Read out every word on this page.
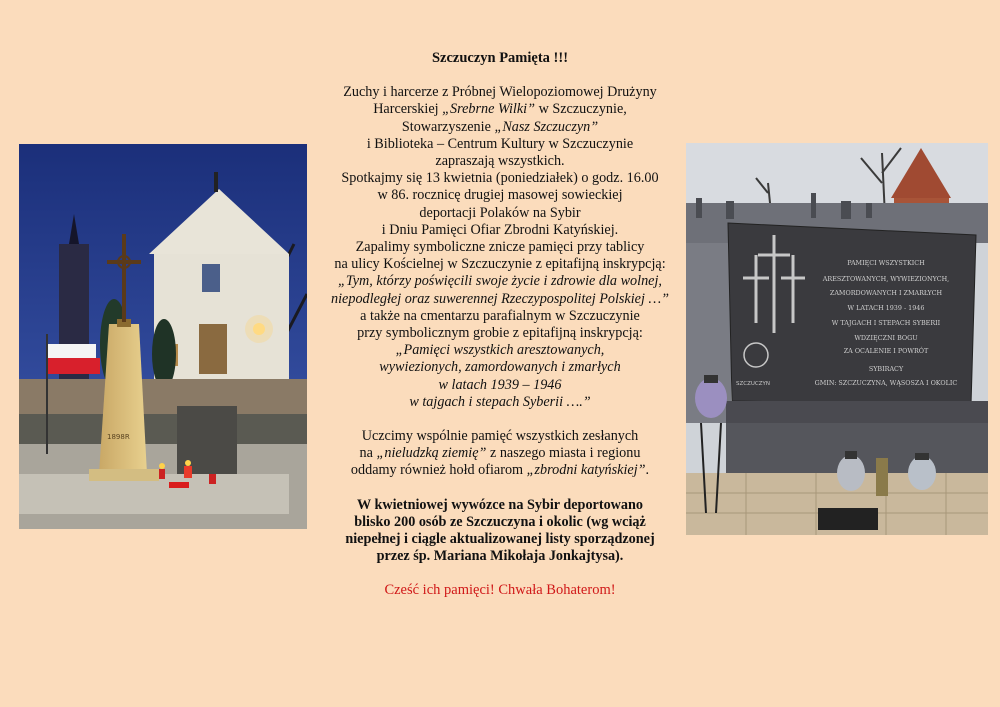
1898R
SZCZUCZYN
PAMIĘCI WSZYSTKICH
ARESZTOWANYCH, WYWIEZIONYCH,
ZAMORDOWANYCH I ZMARŁYCH
W LATACH 1939 - 1946
W TAJGACH I STEPACH SYBERII
WDZIĘCZNI BOGU
ZA OCALENIE I POWRÓT
SYBIRACY
GMIN: SZCZUCZYNA, WĄSOSZA I OKOLIC

Szczuczyn Pamięta !!!

Zuchy i harcerze z Próbnej Wielopoziomowej Drużyny

Harcerskiej „Srebrne Wilki” w Szczuczynie,

Stowarzyszenie „Nasz Szczuczyn”

i Biblioteka – Centrum Kultury w Szczuczynie

zapraszają wszystkich.

Spotkajmy się 13 kwietnia (poniedziałek) o godz. 16.00

w 86. rocznicę drugiej masowej sowieckiej

deportacji Polaków na Sybir

i Dniu Pamięci Ofiar Zbrodni Katyńskiej.

Zapalimy symboliczne znicze pamięci przy tablicy

na ulicy Kościelnej w Szczuczynie z epitafijną inskrypcją:

„Tym, którzy poświęcili swoje życie i zdrowie dla wolnej,

niepodległej oraz suwerennej Rzeczypospolitej Polskiej …”

a także na cmentarzu parafialnym w Szczuczynie

przy symbolicznym grobie z epitafijną inskrypcją:

„Pamięci wszystkich aresztowanych,

wywiezionych, zamordowanych i zmarłych

w latach 1939 – 1946

w tajgach i stepach Syberii ….”

Uczcimy wspólnie pamięć wszystkich zesłanych

na „nieludzką ziemię” z naszego miasta i regionu

oddamy również hołd ofiarom „zbrodni katyńskiej”.

W kwietniowej wywózce na Sybir deportowano

blisko 200 osób ze Szczuczyna i okolic (wg wciąż

niepełnej i ciągle aktualizowanej listy sporządzonej

przez śp. Mariana Mikołaja Jonkajtysa).

Cześć ich pamięci! Chwała Bohaterom!
